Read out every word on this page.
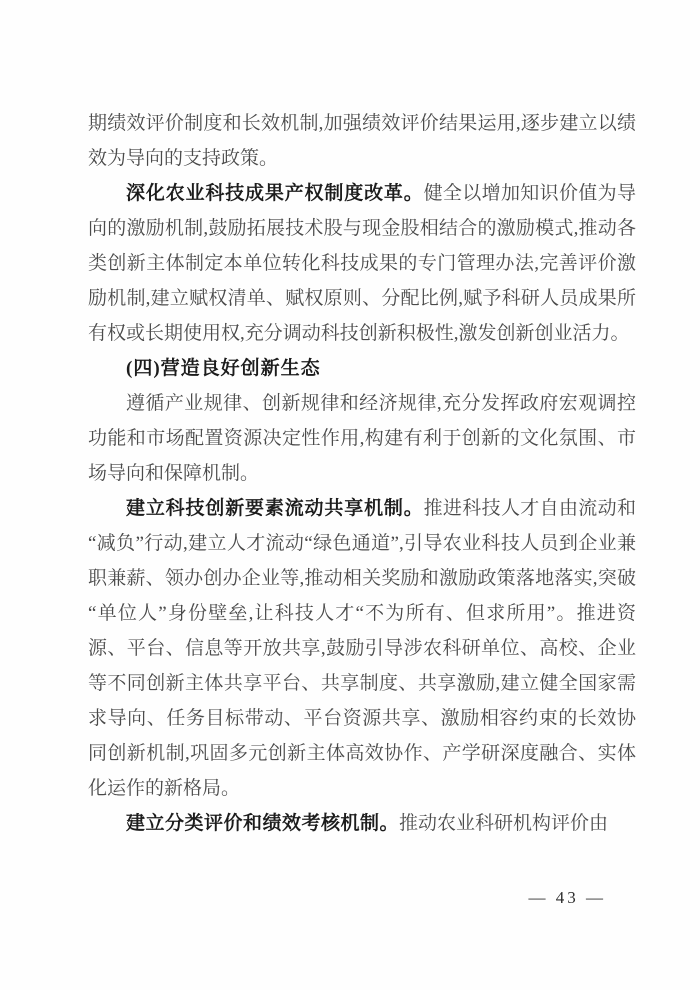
期绩效评价制度和长效机制,加强绩效评价结果运用,逐步建立以绩效为导向的支持政策。

深化农业科技成果产权制度改革。健全以增加知识价值为导向的激励机制,鼓励拓展技术股与现金股相结合的激励模式,推动各类创新主体制定本单位转化科技成果的专门管理办法,完善评价激励机制,建立赋权清单、赋权原则、分配比例,赋予科研人员成果所有权或长期使用权,充分调动科技创新积极性,激发创新创业活力。

(四)营造良好创新生态

遵循产业规律、创新规律和经济规律,充分发挥政府宏观调控功能和市场配置资源决定性作用,构建有利于创新的文化氛围、市场导向和保障机制。

建立科技创新要素流动共享机制。推进科技人才自由流动和“减负”行动,建立人才流动“绿色通道”,引导农业科技人员到企业兼职兼薪、领办创办企业等,推动相关奖励和激励政策落地落实,突破“单位人”身份壁垒,让科技人才“不为所有、但求所用”。推进资源、平台、信息等开放共享,鼓励引导涉农科研单位、高校、企业等不同创新主体共享平台、共享制度、共享激励,建立健全国家需求导向、任务目标带动、平台资源共享、激励相容约束的长效协同创新机制,巩固多元创新主体高效协作、产学研深度融合、实体化运作的新格局。

建立分类评价和绩效考核机制。推动农业科研机构评价由

— 43 —
